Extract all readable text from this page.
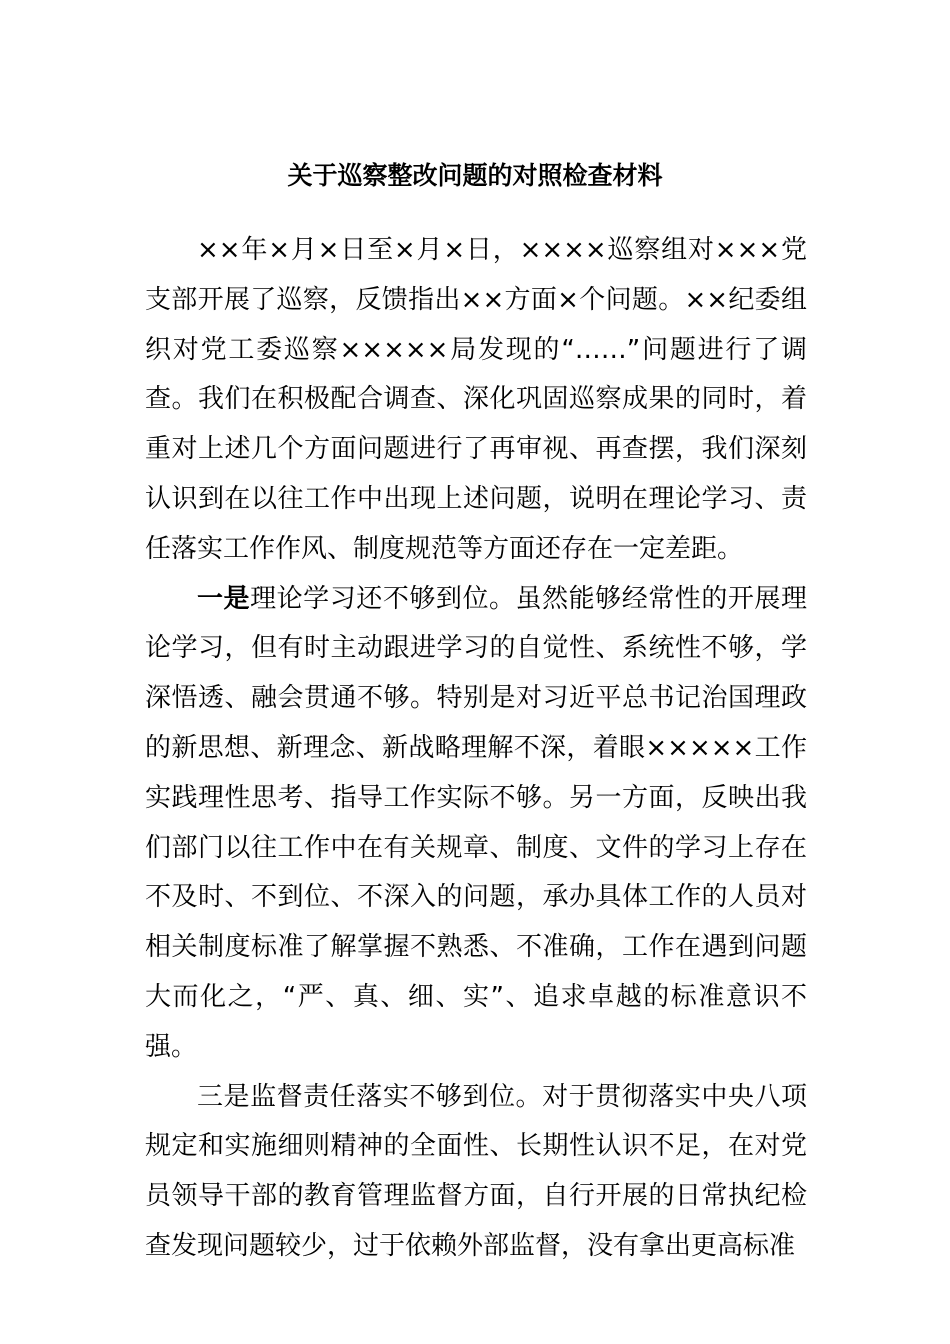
关于巡察整改问题的对照检查材料

××年×月×日至×月×日，××××巡察组对×××党支部开展了巡察，反馈指出××方面×个问题。××纪委组织对党工委巡察×××××局发现的“……”问题进行了调查。我们在积极配合调查、深化巩固巡察成果的同时，着重对上述几个方面问题进行了再审视、再查摆，我们深刻认识到在以往工作中出现上述问题，说明在理论学习、责任落实工作作风、制度规范等方面还存在一定差距。

一是理论学习还不够到位。虽然能够经常性的开展理论学习，但有时主动跟进学习的自觉性、系统性不够，学深悟透、融会贯通不够。特别是对习近平总书记治国理政的新思想、新理念、新战略理解不深，着眼×××××工作实践理性思考、指导工作实际不够。另一方面，反映出我们部门以往工作中在有关规章、制度、文件的学习上存在不及时、不到位、不深入的问题，承办具体工作的人员对相关制度标准了解掌握不熟悉、不准确，工作在遇到问题大而化之，“严、真、细、实”、追求卓越的标准意识不强。

三是监督责任落实不够到位。对于贯彻落实中央八项规定和实施细则精神的全面性、长期性认识不足，在对党员领导干部的教育管理监督方面，自行开展的日常执纪检查发现问题较少，过于依赖外部监督，没有拿出更高标准
